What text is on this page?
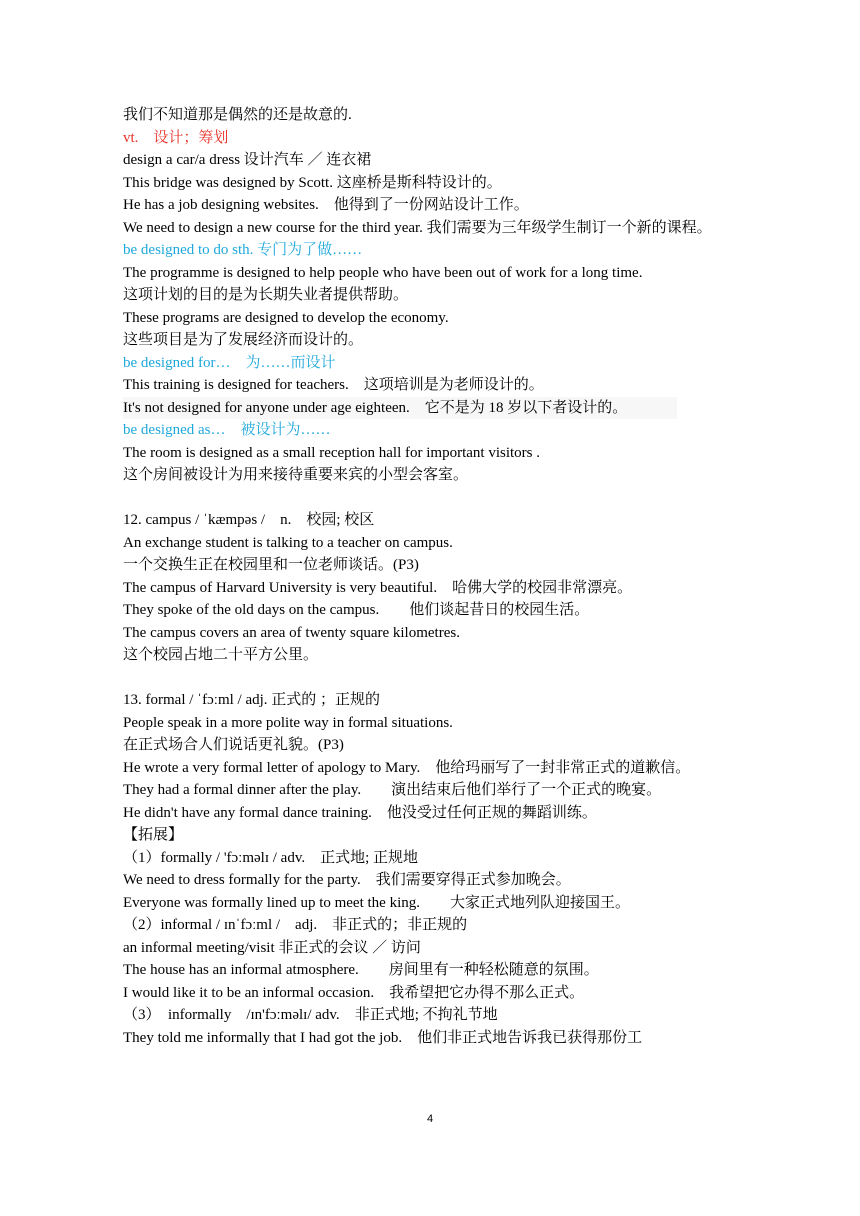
我们不知道那是偶然的还是故意的.
vt.　设计；筹划
design a car/a dress 设计汽车 ／ 连衣裙
This bridge was designed by Scott. 这座桥是斯科特设计的。
He has a job designing websites.　他得到了一份网站设计工作。
We need to design a new course for the third year. 我们需要为三年级学生制订一个新的课程。
be designed to do sth. 专门为了做……
The programme is designed to help people who have been out of work for a long time.
这项计划的目的是为长期失业者提供帮助。
These programs are designed to develop the economy.
这些项目是为了发展经济而设计的。
be designed for…　为……而设计
This training is designed for teachers.　这项培训是为老师设计的。
It's not designed for anyone under age eighteen.　它不是为 18 岁以下者设计的。
be designed as…　被设计为……
The room is designed as a small reception hall for important visitors .
这个房间被设计为用来接待重要来宾的小型会客室。
12. campus / ˈkæmpəs /　n.　校园; 校区
An exchange student is talking to a teacher on campus.
一个交换生正在校园里和一位老师谈话。(P3)
The campus of Harvard University is very beautiful.　哈佛大学的校园非常漂亮。
They spoke of the old days on the campus.　　他们谈起昔日的校园生活。
The campus covers an area of twenty square kilometres.
这个校园占地二十平方公里。
13. formal / ˈfɔːml / adj. 正式的 ；正规的
People speak in a more polite way in formal situations.
在正式场合人们说话更礼貌。(P3)
He wrote a very formal letter of apology to Mary.　他给玛丽写了一封非常正式的道歉信。
They had a formal dinner after the play.　　演出结束后他们举行了一个正式的晚宴。
He didn't have any formal dance training.　他没受过任何正规的舞蹈训练。
【拓展】
（1）formally / 'fɔːməlɪ / adv.　正式地; 正规地
We need to dress formally for the party.　我们需要穿得正式参加晚会。
Everyone was formally lined up to meet the king.　　大家正式地列队迎接国王。
（2）informal / ɪnˈfɔːml /　adj.　非正式的；非正规的
an informal meeting/visit 非正式的会议 ／ 访问
The house has an informal atmosphere.　　房间里有一种轻松随意的氛围。
I would like it to be an informal occasion.　我希望把它办得不那么正式。
（3）　informally　/ɪn'fɔːməlɪ/ adv.　非正式地; 不拘礼节地
They told me informally that I had got the job.　他们非正式地告诉我已获得那份工
4
